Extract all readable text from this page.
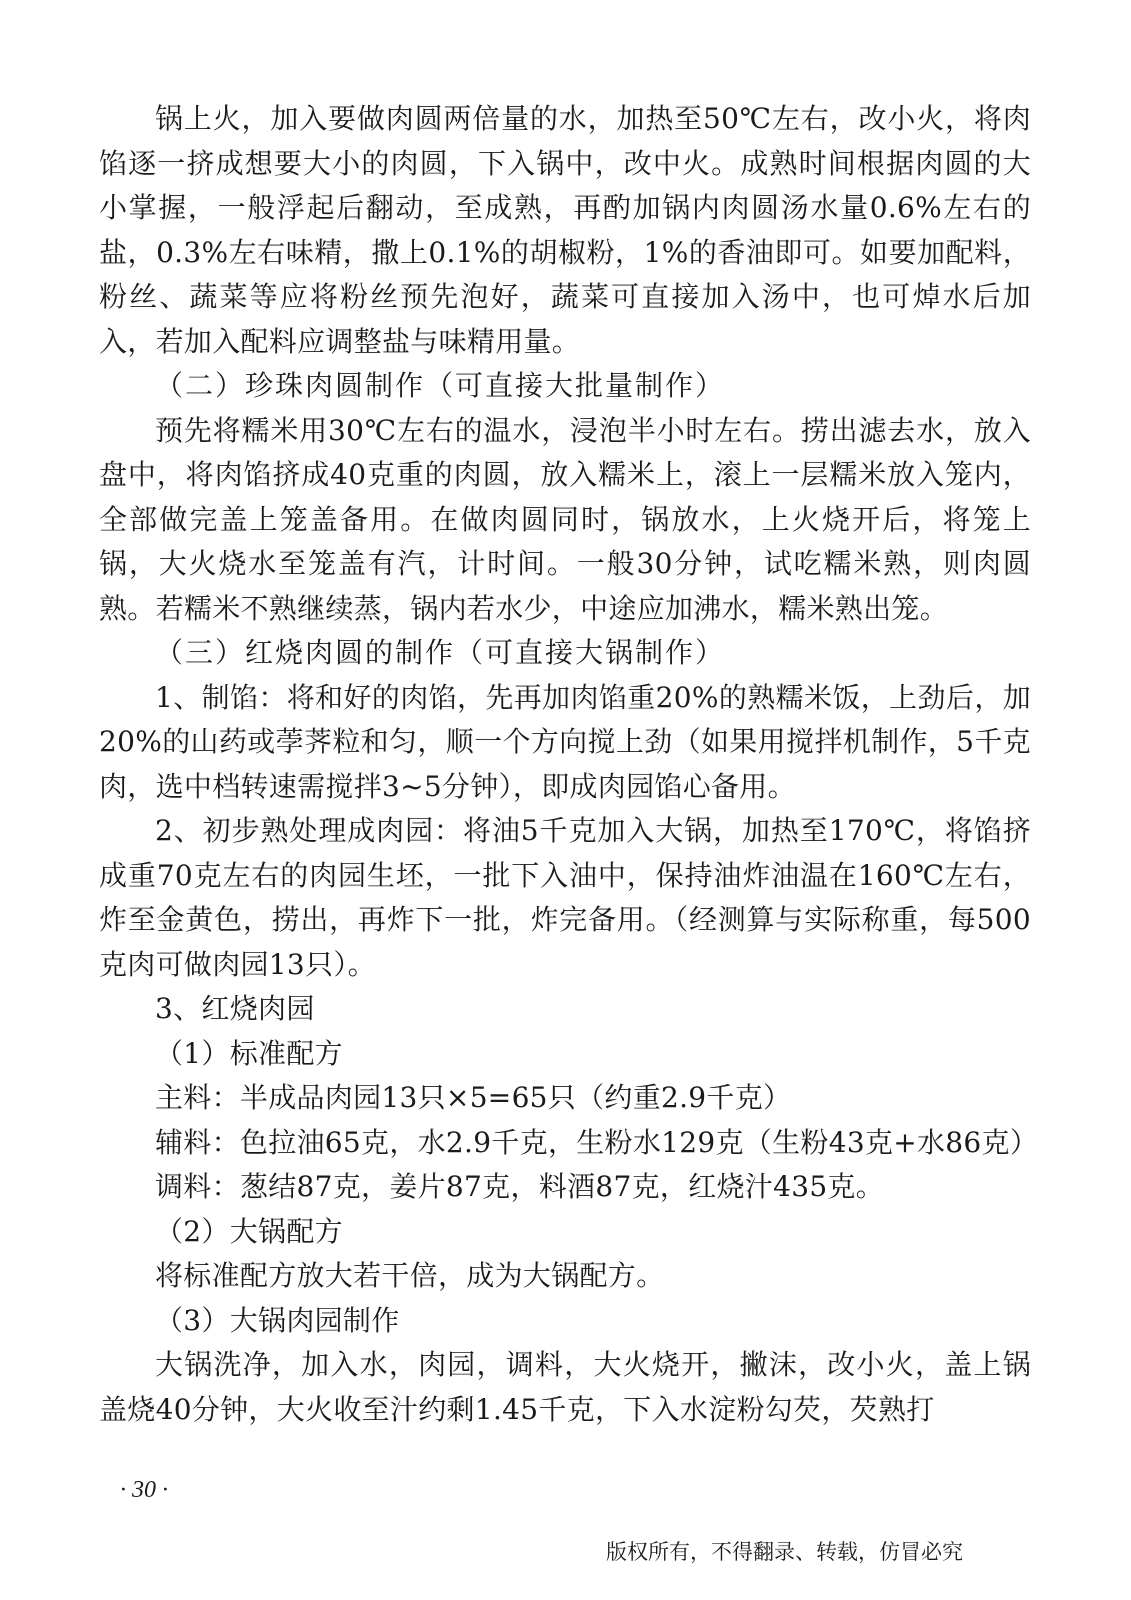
锅上火，加入要做肉圆两倍量的水，加热至50℃左右，改小火，将肉馅逐一挤成想要大小的肉圆，下入锅中，改中火。成熟时间根据肉圆的大小掌握，一般浮起后翻动，至成熟，再酌加锅内肉圆汤水量0.6%左右的盐，0.3%左右味精，撒上0.1%的胡椒粉，1%的香油即可。如要加配料，粉丝、蔬菜等应将粉丝预先泡好，蔬菜可直接加入汤中，也可焯水后加入，若加入配料应调整盐与味精用量。

（二）珍珠肉圆制作（可直接大批量制作）

预先将糯米用30℃左右的温水，浸泡半小时左右。捞出滤去水，放入盘中，将肉馅挤成40克重的肉圆，放入糯米上，滚上一层糯米放入笼内，全部做完盖上笼盖备用。在做肉圆同时，锅放水，上火烧开后，将笼上锅，大火烧水至笼盖有汽，计时间。一般30分钟，试吃糯米熟，则肉圆熟。若糯米不熟继续蒸，锅内若水少，中途应加沸水，糯米熟出笼。

（三）红烧肉圆的制作（可直接大锅制作）

1、制馅：将和好的肉馅，先再加肉馅重20%的熟糯米饭，上劲后，加20%的山药或荸荠粒和匀，顺一个方向搅上劲（如果用搅拌机制作，5千克肉，选中档转速需搅拌3~5分钟），即成肉园馅心备用。

2、初步熟处理成肉园：将油5千克加入大锅，加热至170℃，将馅挤成重70克左右的肉园生坯，一批下入油中，保持油炸油温在160℃左右，炸至金黄色，捞出，再炸下一批，炸完备用。（经测算与实际称重，每500克肉可做肉园13只）。

3、红烧肉园

（1）标准配方

主料：半成品肉园13只×5=65只（约重2.9千克）

辅料：色拉油65克，水2.9千克，生粉水129克（生粉43克+水86克）

调料：葱结87克，姜片87克，料酒87克，红烧汁435克。

（2）大锅配方

将标准配方放大若干倍，成为大锅配方。

（3）大锅肉园制作

大锅洗净，加入水，肉园，调料，大火烧开，撇沫，改小火，盖上锅盖烧40分钟，大火收至汁约剩1.45千克，下入水淀粉勾芡，芡熟打

· 30 ·
版权所有，不得翻录、转载，仿冒必究
